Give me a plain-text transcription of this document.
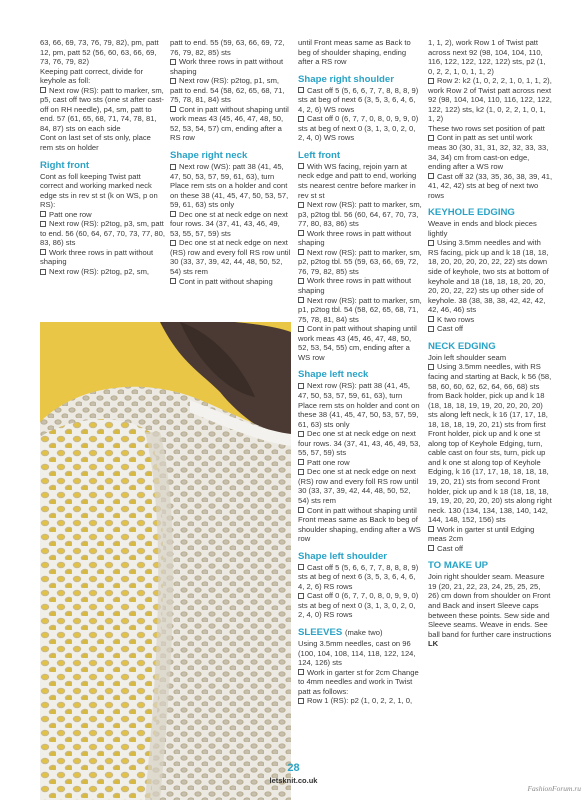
63, 66, 69, 73, 76, 79, 82), pm, patt 12, pm, patt 52 (56, 60, 63, 66, 69, 73, 76, 79, 82)

Keeping patt correct, divide for keyhole as foll:

Next row (RS): patt to marker, sm, p5, cast off two sts (one st after cast-off on RH needle), p4, sm, patt to end. 57 (61, 65, 68, 71, 74, 78, 81, 84, 87) sts on each side

Cont on last set of sts only, place rem sts on holder

Right front

Cont as foll keeping Twist patt correct and working marked neck edge sts in rev st st (k on WS, p on RS):

Patt one row

Next row (RS): p2tog, p3, sm, patt to end. 56 (60, 64, 67, 70, 73, 77, 80, 83, 86) sts

Work three rows in patt without shaping

Next row (RS): p2tog, p2, sm,

patt to end. 55 (59, 63, 66, 69, 72, 76, 79, 82, 85) sts

Work three rows in patt without shaping

Next row (RS): p2tog, p1, sm, patt to end. 54 (58, 62, 65, 68, 71, 75, 78, 81, 84) sts

Cont in patt without shaping until work meas 43 (45, 46, 47, 48, 50, 52, 53, 54, 57) cm, ending after a RS row

Shape right neck

Next row (WS): patt 38 (41, 45, 47, 50, 53, 57, 59, 61, 63), turn Place rem sts on a holder and cont on these 38 (41, 45, 47, 50, 53, 57, 59, 61, 63) sts only

Dec one st at neck edge on next four rows. 34 (37, 41, 43, 46, 49, 53, 55, 57, 59) sts

Dec one st at neck edge on next (RS) row and every foll RS row until 30 (33, 37, 39, 42, 44, 48, 50, 52, 54) sts rem

Cont in patt without shaping

until Front meas same as Back to beg of shoulder shaping, ending after a RS row

Shape right shoulder

Cast off 5 (5, 6, 6, 7, 7, 8, 8, 8, 9) sts at beg of next 6 (3, 5, 3, 6, 4, 6, 4, 2, 6) WS rows

Cast off 0 (6, 7, 7, 0, 8, 0, 9, 9, 0) sts at beg of next 0 (3, 1, 3, 0, 2, 0, 2, 4, 0) WS rows

Left front

With WS facing, rejoin yarn at neck edge and patt to end, working sts nearest centre before marker in rev st st

Next row (RS): patt to marker, sm, p3, p2tog tbl. 56 (60, 64, 67, 70, 73, 77, 80, 83, 86) sts

Work three rows in patt without shaping

Next row (RS): patt to marker, sm, p2, p2tog tbl. 55 (59, 63, 66, 69, 72, 76, 79, 82, 85) sts

Work three rows in patt without shaping

Next row (RS): patt to marker, sm, p1, p2tog tbl. 54 (58, 62, 65, 68, 71, 75, 78, 81, 84) sts

Cont in patt without shaping until work meas 43 (45, 46, 47, 48, 50, 52, 53, 54, 55) cm, ending after a WS row

Shape left neck

Next row (RS): patt 38 (41, 45, 47, 50, 53, 57, 59, 61, 63), turn Place rem sts on holder and cont on these 38 (41, 45, 47, 50, 53, 57, 59, 61, 63) sts only

Dec one st at neck edge on next four rows. 34 (37, 41, 43, 46, 49, 53, 55, 57, 59) sts

Patt one row

Dec one st at neck edge on next (RS) row and every foll RS row until 30 (33, 37, 39, 42, 44, 48, 50, 52, 54) sts rem

Cont in patt without shaping until Front meas same as Back to beg of shoulder shaping, ending after a WS row

Shape left shoulder

Cast off 5 (5, 6, 6, 7, 7, 8, 8, 8, 9) sts at beg of next 6 (3, 5, 3, 6, 4, 6, 4, 2, 6) RS rows

Cast off 0 (6, 7, 7, 0, 8, 0, 9, 9, 0) sts at beg of next 0 (3, 1, 3, 0, 2, 0, 2, 4, 0) RS rows

SLEEVES (make two)

Using 3.5mm needles, cast on 96 (100, 104, 108, 114, 118, 122, 124, 124, 126) sts

Work in garter st for 2cm Change to 4mm needles and work in Twist patt as follows:

Row 1 (RS): p2 (1, 0, 2, 2, 1, 0,

1, 1, 2), work Row 1 of Twist patt across next 92 (98, 104, 104, 110, 116, 122, 122, 122, 122) sts, p2 (1, 0, 2, 2, 1, 0, 1, 1, 2)

Row 2: k2 (1, 0, 2, 2, 1, 0, 1, 1, 2), work Row 2 of Twist patt across next 92 (98, 104, 104, 110, 116, 122, 122, 122, 122) sts, k2 (1, 0, 2, 2, 1, 0, 1, 1, 2)

These two rows set position of patt

Cont in patt as set until work meas 30 (30, 31, 31, 32, 32, 33, 33, 34, 34) cm from cast-on edge, ending after a WS row

Cast off 32 (33, 35, 36, 38, 39, 41, 41, 42, 42) sts at beg of next two rows

KEYHOLE EDGING

Weave in ends and block pieces lightly

Using 3.5mm needles and with RS facing, pick up and k 18 (18, 18, 18, 20, 20, 20, 20, 22, 22) sts down side of keyhole, two sts at bottom of keyhole and 18 (18, 18, 18, 20, 20, 20, 20, 22, 22) sts up other side of keyhole. 38 (38, 38, 38, 42, 42, 42, 42, 46, 46) sts

K two rows

Cast off

NECK EDGING

Join left shoulder seam

Using 3.5mm needles, with RS facing and starting at Back, k 56 (58, 58, 60, 60, 62, 62, 64, 66, 68) sts from Back holder, pick up and k 18 (18, 18, 18, 19, 19, 20, 20, 20, 20) sts along left neck, k 16 (17, 17, 18, 18, 18, 18, 19, 20, 21) sts from first Front holder, pick up and k one st along top of Keyhole Edging, turn, cable cast on four sts, turn, pick up and k one st along top of Keyhole Edging, k 16 (17, 17, 18, 18, 18, 18, 19, 20, 21) sts from second Front holder, pick up and k 18 (18, 18, 18, 19, 19, 20, 20, 20, 20) sts along right neck. 130 (134, 134, 138, 140, 142, 144, 148, 152, 156) sts

Work in garter st until Edging meas 2cm

Cast off

TO MAKE UP

Join right shoulder seam. Measure 19 (20, 21, 22, 23, 24, 25, 25, 25, 26) cm down from shoulder on Front and Back and insert Sleeve caps between these points. Sew side and Sleeve seams. Weave in ends. See ball band for further care instructions LK

28
letsknit.co.uk
FashionForum.ru
